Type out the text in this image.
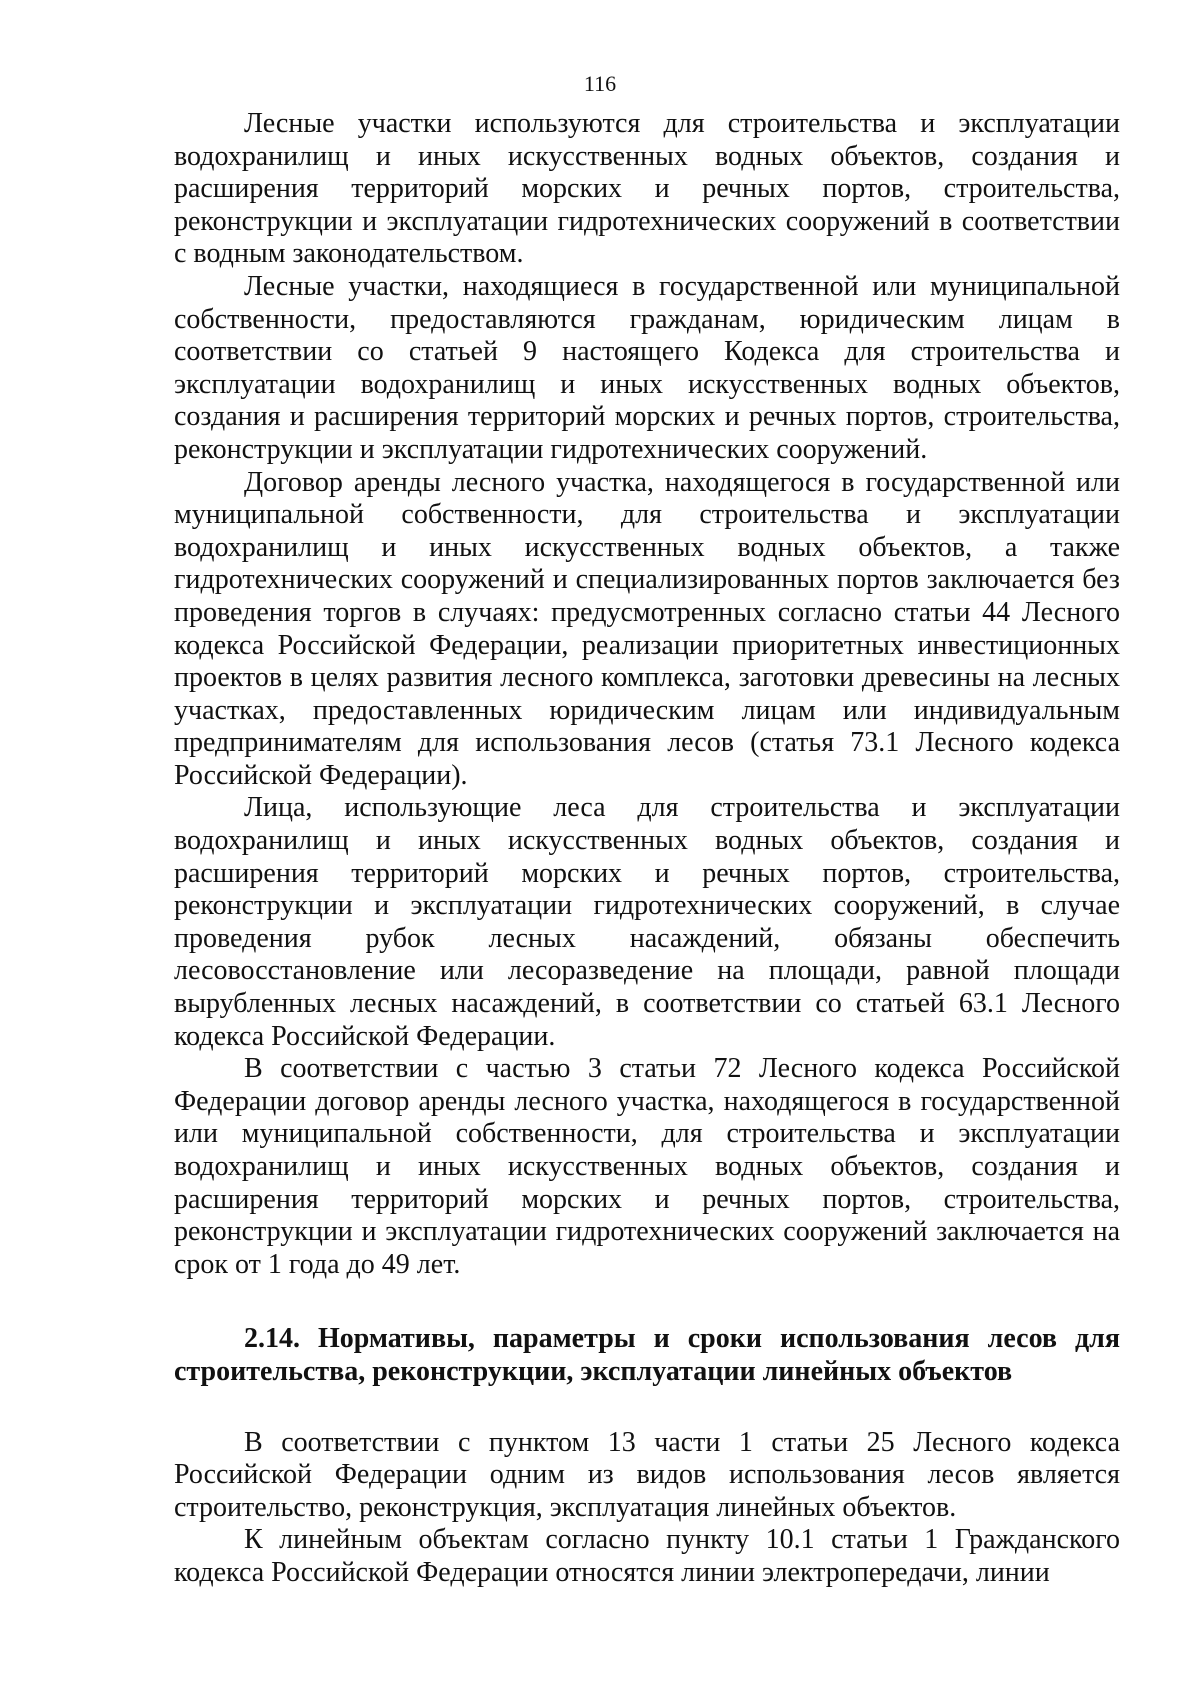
116

Лесные участки используются для строительства и эксплуатации водохранилищ и иных искусственных водных объектов, создания и расширения территорий морских и речных портов, строительства, реконструкции и эксплуатации гидротехнических сооружений в соответствии с водным законодательством.

Лесные участки, находящиеся в государственной или муниципальной собственности, предоставляются гражданам, юридическим лицам в соответствии со статьей 9 настоящего Кодекса для строительства и эксплуатации водохранилищ и иных искусственных водных объектов, создания и расширения территорий морских и речных портов, строительства, реконструкции и эксплуатации гидротехнических сооружений.

Договор аренды лесного участка, находящегося в государственной или муниципальной собственности, для строительства и эксплуатации водохранилищ и иных искусственных водных объектов, а также гидротехнических сооружений и специализированных портов заключается без проведения торгов в случаях: предусмотренных согласно статьи 44 Лесного кодекса Российской Федерации, реализации приоритетных инвестиционных проектов в целях развития лесного комплекса, заготовки древесины на лесных участках, предоставленных юридическим лицам или индивидуальным предпринимателям для использования лесов (статья 73.1 Лесного кодекса Российской Федерации).

Лица, использующие леса для строительства и эксплуатации водохранилищ и иных искусственных водных объектов, создания и расширения территорий морских и речных портов, строительства, реконструкции и эксплуатации гидротехнических сооружений, в случае проведения рубок лесных насаждений, обязаны обеспечить лесовосстановление или лесоразведение на площади, равной площади вырубленных лесных насаждений, в соответствии со статьей 63.1 Лесного кодекса Российской Федерации.

В соответствии с частью 3 статьи 72 Лесного кодекса Российской Федерации договор аренды лесного участка, находящегося в государственной или муниципальной собственности, для строительства и эксплуатации водохранилищ и иных искусственных водных объектов, создания и расширения территорий морских и речных портов, строительства, реконструкции и эксплуатации гидротехнических сооружений заключается на срок от 1 года до 49 лет.

2.14. Нормативы, параметры и сроки использования лесов для строительства, реконструкции, эксплуатации линейных объектов

В соответствии с пунктом 13 части 1 статьи 25 Лесного кодекса Российской Федерации одним из видов использования лесов является строительство, реконструкция, эксплуатация линейных объектов.

К линейным объектам согласно пункту 10.1 статьи 1 Гражданского кодекса Российской Федерации относятся линии электропередачи, линии
